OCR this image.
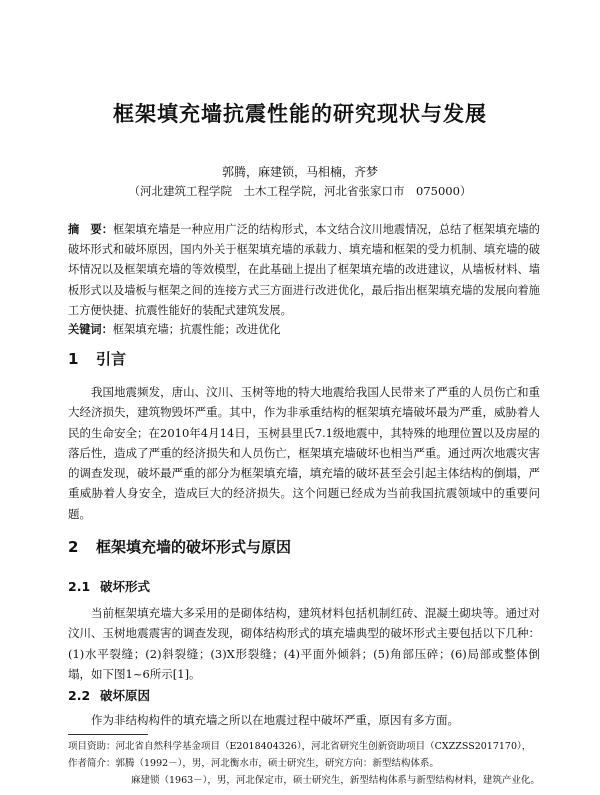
框架填充墙抗震性能的研究现状与发展
郭腾，麻建锁，马相楠，齐梦
（河北建筑工程学院　土木工程学院，河北省张家口市　075000）
摘　要：框架填充墙是一种应用广泛的结构形式，本文结合汶川地震情况，总结了框架填充墙的破坏形式和破坏原因，国内外关于框架填充墙的承载力、填充墙和框架的受力机制、填充墙的破坏情况以及框架填充墙的等效模型，在此基础上提出了框架填充墙的改进建议，从墙板材料、墙板形式以及墙板与框架之间的连接方式三方面进行改进优化，最后指出框架填充墙的发展向着施工方便快捷、抗震性能好的装配式建筑发展。
关键词：框架填充墙；抗震性能；改进优化
1 引言
我国地震频发，唐山、汶川、玉树等地的特大地震给我国人民带来了严重的人员伤亡和重大经济损失，建筑物毁坏严重。其中，作为非承重结构的框架填充墙破坏最为严重，威胁着人民的生命安全；在2010年4月14日，玉树县里氏7.1级地震中，其特殊的地理位置以及房屋的落后性，造成了严重的经济损失和人员伤亡，框架填充墙破坏也相当严重。通过两次地震灾害的调查发现，破坏最严重的部分为框架填充墙，填充墙的破坏甚至会引起主体结构的倒塌，严重威胁着人身安全，造成巨大的经济损失。这个问题已经成为当前我国抗震领域中的重要问题。
2 框架填充墙的破坏形式与原因
2.1 破坏形式
当前框架填充墙大多采用的是砌体结构，建筑材料包括机制红砖、混凝土砌块等。通过对汶川、玉树地震震害的调查发现，砌体结构形式的填充墙典型的破坏形式主要包括以下几种：(1)水平裂缝；(2)斜裂缝；(3)X形裂缝；(4)平面外倾斜；(5)角部压碎；(6)局部或整体倒塌，如下图1~6所示[1]。
2.2 破坏原因
作为非结构构件的填充墙之所以在地震过程中破坏严重，原因有多方面。
项目资助：河北省自然科学基金项目（E2018404326），河北省研究生创新资助项目（CXZZSS2017170），
作者简介：郭腾（1992－），男，河北衡水市，硕士研究生，研究方向：新型结构体系。
麻建锁（1963－），男，河北保定市，硕士研究生，新型结构体系与新型结构材料，建筑产业化。
